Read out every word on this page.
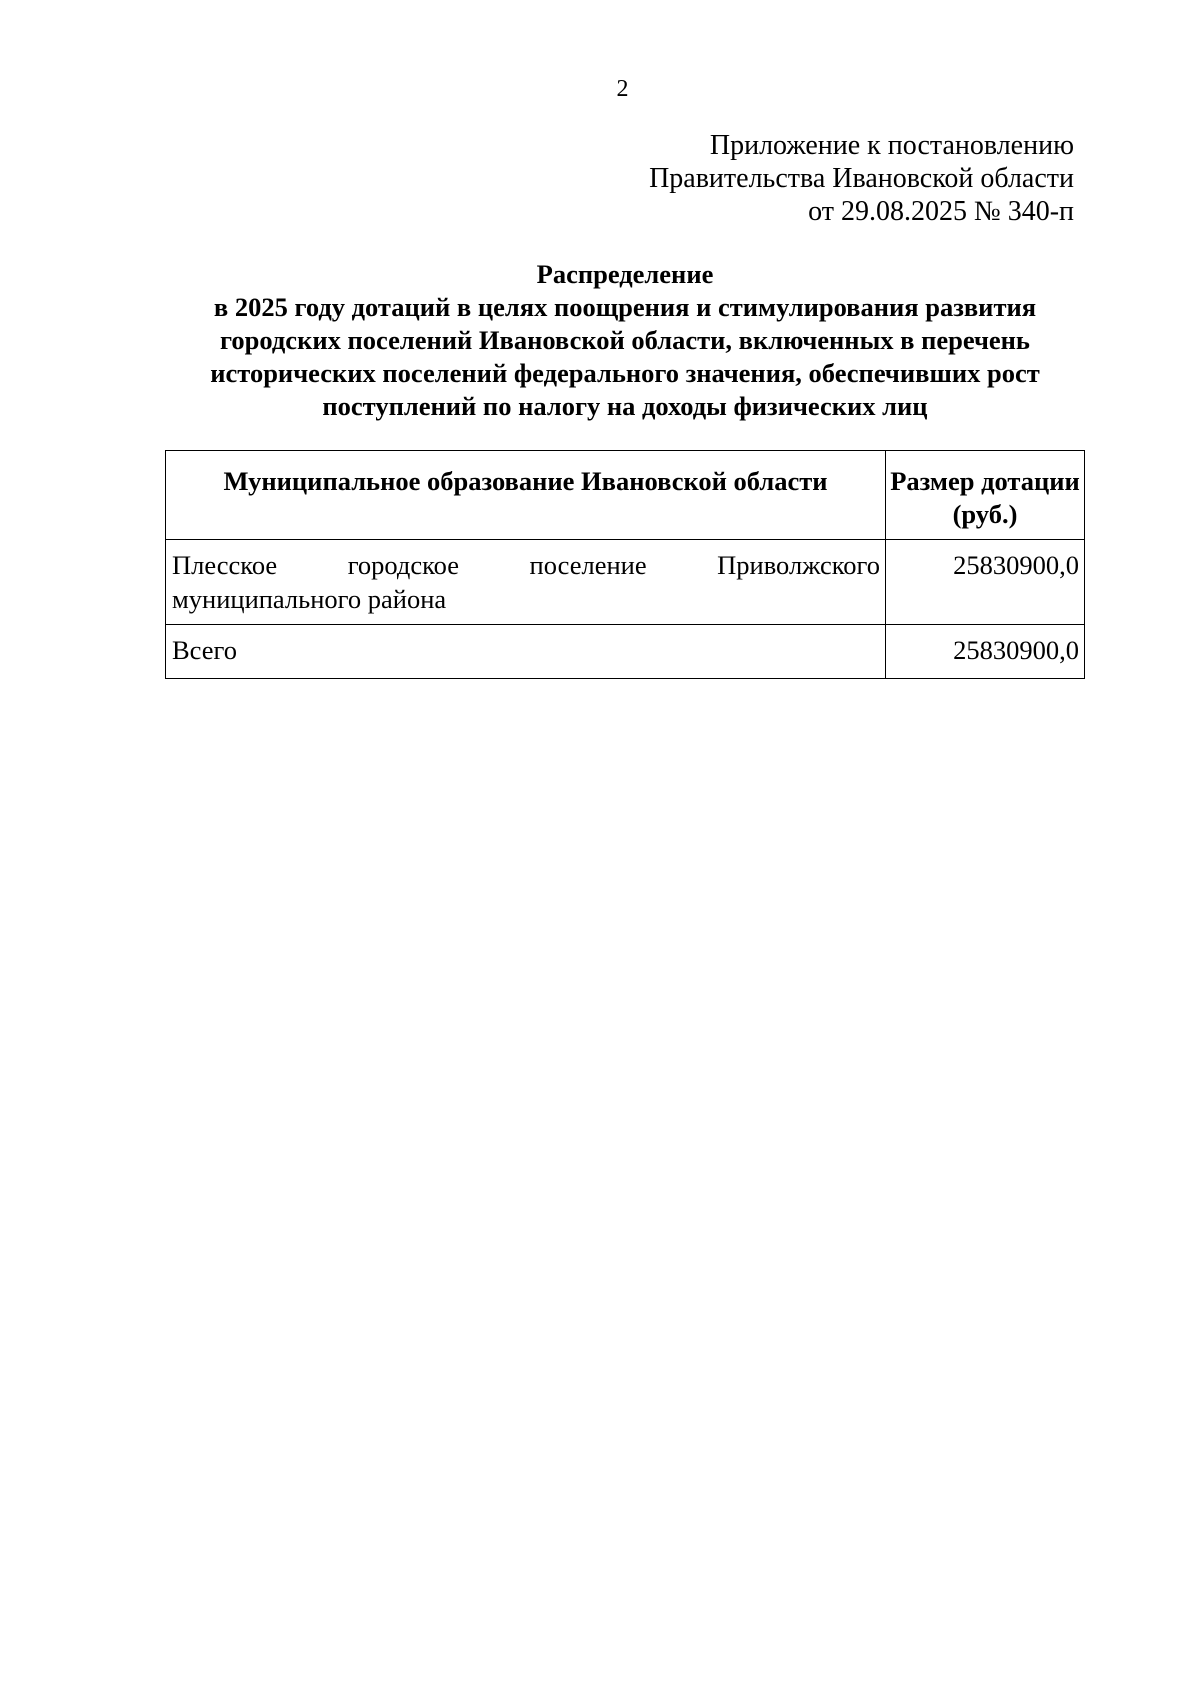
2
Приложение к постановлению
Правительства Ивановской области
от 29.08.2025 № 340-п
Распределение
в 2025 году дотаций в целях поощрения и стимулирования развития
городских поселений Ивановской области, включенных в перечень
исторических поселений федерального значения, обеспечивших рост
поступлений по налогу на доходы физических лиц
Муниципальное образование Ивановской области	Размер дотации (руб.)
Плесское городское поселение Приволжского муниципального района	25830900,0
Всего	25830900,0
